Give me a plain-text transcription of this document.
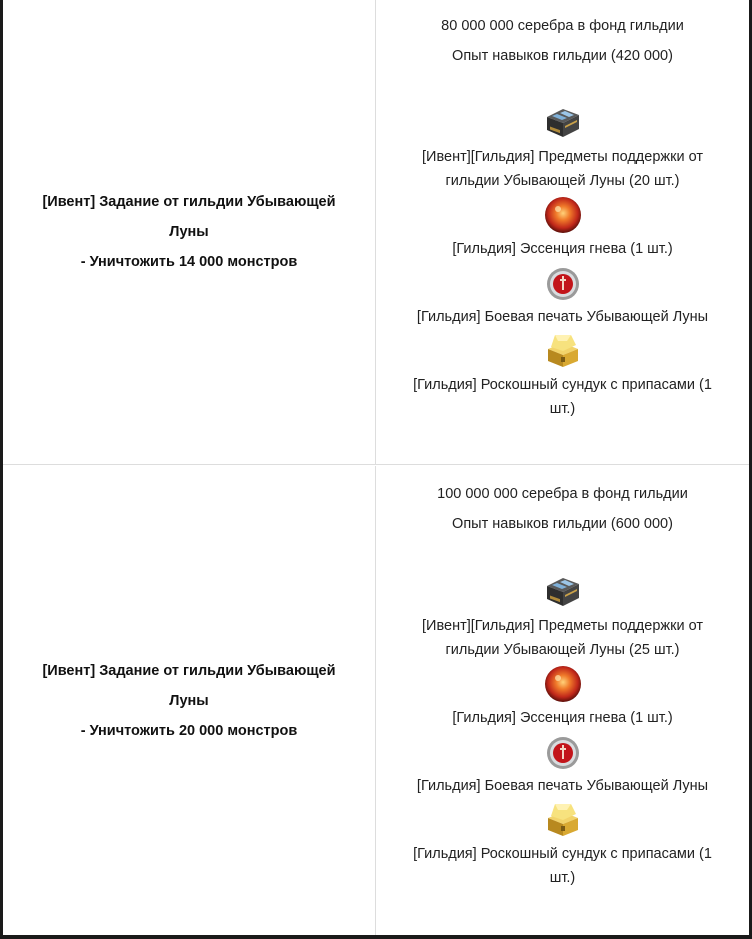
[Ивент] Задание от гильдии Убывающей
Луны
- Уничтожить 14 000 монстров
80 000 000 серебра в фонд гильдии
Опыт навыков гильдии (420 000)
[Ивент][Гильдия] Предметы поддержки от
гильдии Убывающей Луны (20 шт.)
[Гильдия] Эссенция гнева (1 шт.)
[Гильдия] Боевая печать Убывающей Луны
[Гильдия] Роскошный сундук с припасами (1
шт.)
[Ивент] Задание от гильдии Убывающей
Луны
- Уничтожить 20 000 монстров
100 000 000 серебра в фонд гильдии
Опыт навыков гильдии (600 000)
[Ивент][Гильдия] Предметы поддержки от
гильдии Убывающей Луны (25 шт.)
[Гильдия] Эссенция гнева (1 шт.)
[Гильдия] Боевая печать Убывающей Луны
[Гильдия] Роскошный сундук с припасами (1
шт.)
